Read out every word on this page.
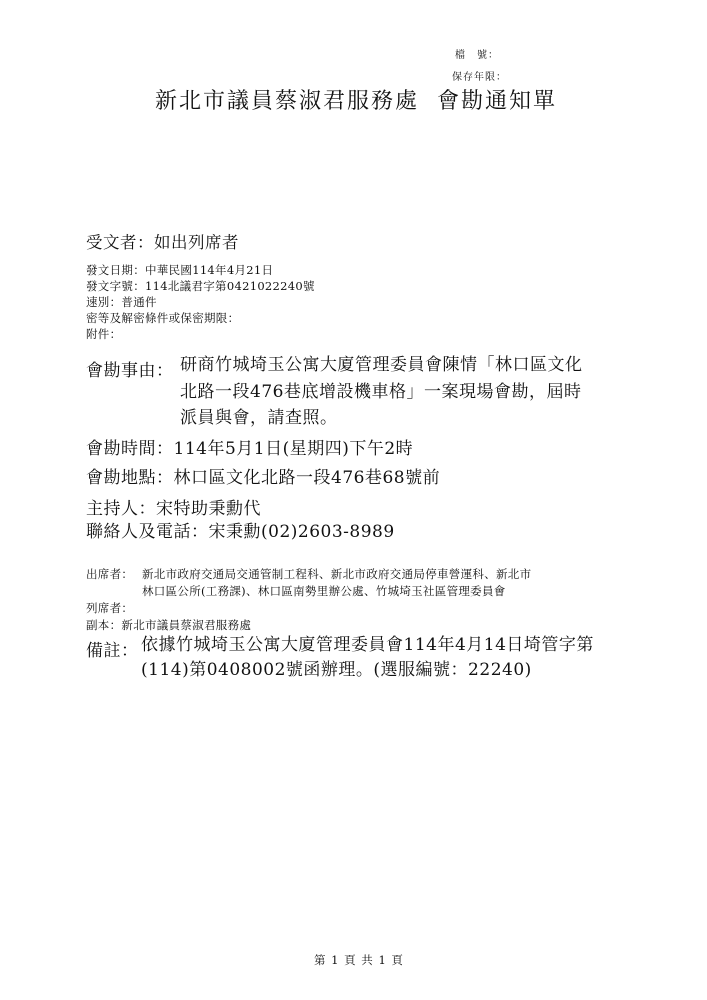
檔　號：
保存年限：
新北市議員蔡淑君服務處 會勘通知單
受文者：如出列席者
發文日期：中華民國114年4月21日
發文字號：114北議君字第0421022240號
速別：普通件
密等及解密條件或保密期限：
附件：
會勘事由： 研商竹城埼玉公寓大廈管理委員會陳情「林口區文化
北路一段476巷底增設機車格」一案現場會勘，屆時
派員與會，請查照。
會勘時間：114年5月1日(星期四)下午2時
會勘地點：林口區文化北路一段476巷68號前
主持人：宋特助秉勳代
聯絡人及電話：宋秉勳(02)2603-8989
出席者： 新北市政府交通局交通管制工程科、新北市政府交通局停車營運科、新北市
林口區公所(工務課)、林口區南勢里辦公處、竹城埼玉社區管理委員會
列席者：
副本：新北市議員蔡淑君服務處
備註： 依據竹城埼玉公寓大廈管理委員會114年4月14日埼管字第
(114)第0408002號函辦理。(選服編號：22240)
第 1 頁 共 1 頁
